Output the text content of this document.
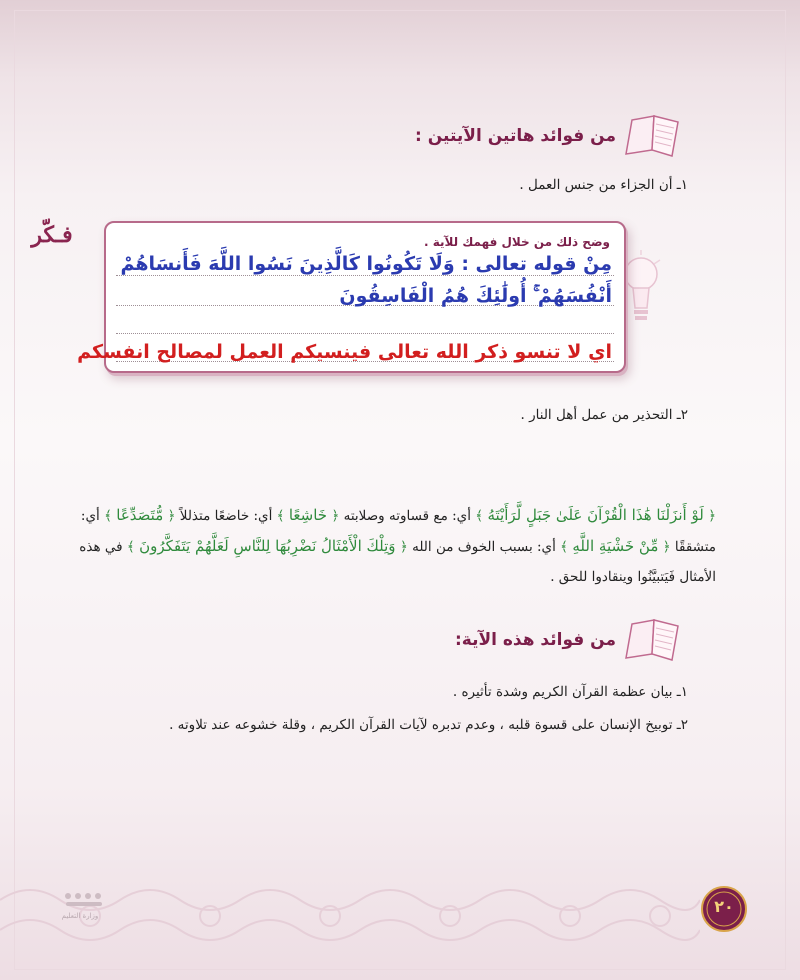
من فوائد هاتين الآيتين :
١ـ أن الجزاء من جنس العمل .
فـكّر	وضح ذلك من خلال فهمك للآية .
مِنْ قوله تعالى : وَلَا تَكُونُوا كَالَّذِينَ نَسُوا اللَّهَ فَأَنسَاهُمْ
أَنْفُسَهُمْ ۚ أُولَٰئِكَ هُمُ الْفَاسِقُونَ
اي لا تنسو ذكر الله تعالى فينسيكم العمل لمصالح انفسكم
٢ـ التحذير من عمل أهل النار .
﴿ لَوْ أَنزَلْنَا هَٰذَا الْقُرْآنَ عَلَىٰ جَبَلٍ لَّرَأَيْتَهُ ﴾ أي: مع قساوته وصلابته ﴿ خَاشِعًا ﴾ أي: خاضعًا متذللاً ﴿ مُّتَصَدِّعًا ﴾ أي: متشققًا ﴿ مِّنْ خَشْيَةِ اللَّهِ ﴾ أي: بسبب الخوف من الله ﴿ وَتِلْكَ الْأَمْثَالُ نَضْرِبُهَا لِلنَّاسِ لَعَلَّهُمْ يَتَفَكَّرُونَ ﴾ في هذه الأمثال فَيَتبيَّنُوا وينقادوا للحق .
من فوائد هذه الآية:
١ـ بيان عظمة القرآن الكريم وشدة تأثيره .
٢ـ توبيخ الإنسان على قسوة قلبه ، وعدم تدبره لآيات القرآن الكريم ، وقلة خشوعه عند تلاوته .
وزارة التعليم	٢٠
